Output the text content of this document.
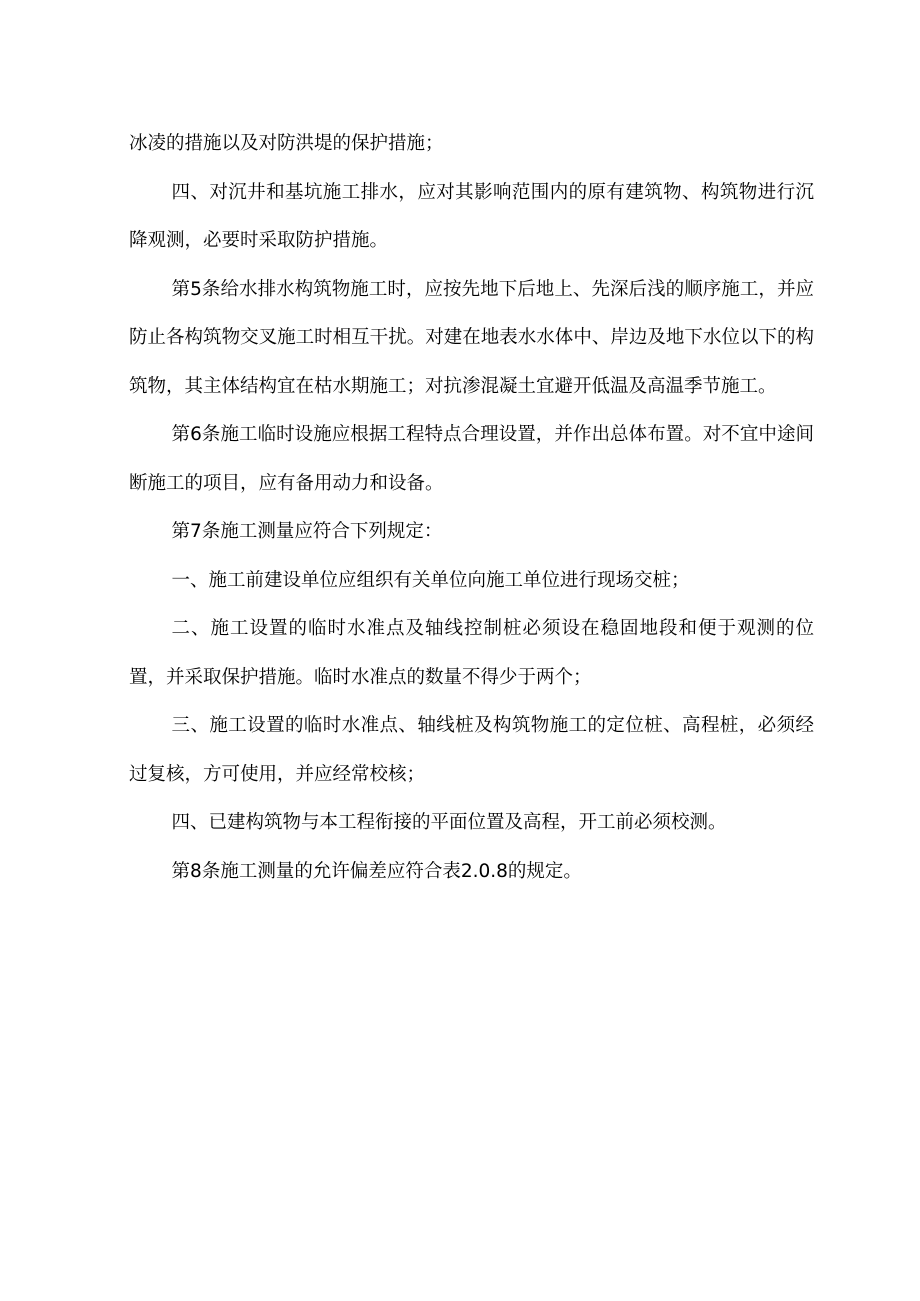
冰凌的措施以及对防洪堤的保护措施；

四、对沉井和基坑施工排水，应对其影响范围内的原有建筑物、构筑物进行沉降观测，必要时采取防护措施。

第5条给水排水构筑物施工时，应按先地下后地上、先深后浅的顺序施工，并应防止各构筑物交叉施工时相互干扰。对建在地表水水体中、岸边及地下水位以下的构筑物，其主体结构宜在枯水期施工；对抗渗混凝土宜避开低温及高温季节施工。

第6条施工临时设施应根据工程特点合理设置，并作出总体布置。对不宜中途间断施工的项目，应有备用动力和设备。

第7条施工测量应符合下列规定：

一、施工前建设单位应组织有关单位向施工单位进行现场交桩；

二、施工设置的临时水准点及轴线控制桩必须设在稳固地段和便于观测的位置，并采取保护措施。临时水准点的数量不得少于两个；

三、施工设置的临时水准点、轴线桩及构筑物施工的定位桩、高程桩，必须经过复核，方可使用，并应经常校核；

四、已建构筑物与本工程衔接的平面位置及高程，开工前必须校测。

第8条施工测量的允许偏差应符合表2.0.8的规定。
